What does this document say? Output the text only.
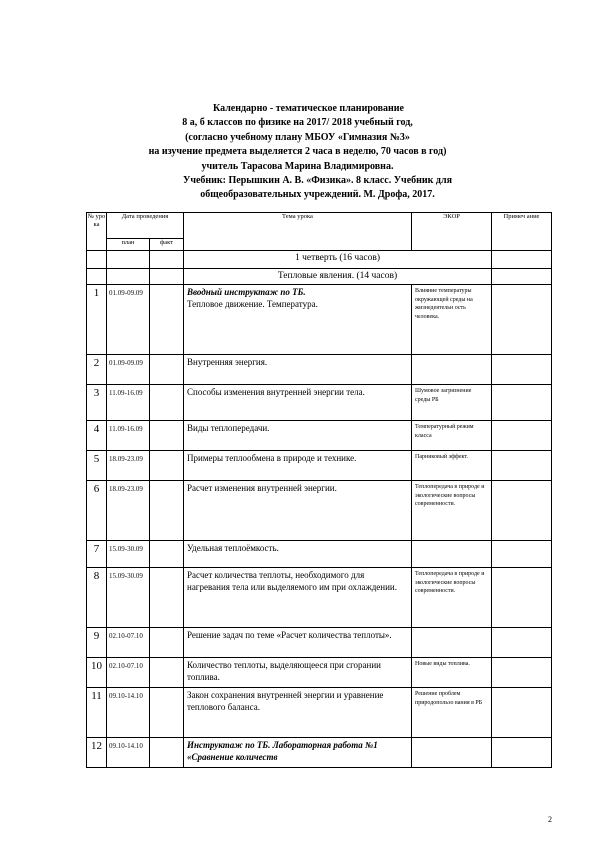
Календарно - тематическое планирование
8 а, б классов по физике на 2017/ 2018 учебный год,
(согласно учебному плану МБОУ «Гимназия №3»
на изучение предмета выделяется 2 часа в неделю, 70 часов в год)
учитель Тарасова Марина Владимировна.
Учебник: Перышкин А. В. «Физика». 8 класс. Учебник для
общеобразовательных учреждений. М. Дрофа, 2017.
№ уро ка	Дата проведения		Тема урока	ЭКОР	Примеч ание
	план	факт			
			1 четверть (16 часов)		
			Тепловые явления. (14 часов)		
1	01.09-09.09		Вводный инструктаж по ТБ.
Тепловое движение. Температура.	Влияние температуры окружающей среды на жизнедеятельн ость человека.	
2	01.09-09.09		Внутренняя энергия.		

3	11.09-16.09		Способы изменения внутренней энергии тела.	Шумовое загрязнение среды РБ	
4	11.09-16.09		Виды теплопередачи.	Температурный режим класса	
5	18.09-23.09		Примеры теплообмена в природе и технике.	Парниковый эффект.	
6	18.09-23.09		Расчет изменения внутренней энергии.	Теплопередача в природе и экологические вопросы современности.	
7	15.09-30.09		Удельная теплоёмкость.		

8	15.09-30.09		Расчет количества теплоты, необходимого для нагревания тела или выделяемого им при охлаждении.	Теплопередача в природе и экологические вопросы современности.	
9	02.10-07.10		Решение задач по теме «Расчет количества теплоты».		

10	02.10-07.10		Количество теплоты, выделяющееся при сгорании топлива.	Новые виды топлива.	
11	09.10-14.10		Закон сохранения внутренней энергии и уравнение теплового баланса.	Решение проблем природопользо вания в РБ	
12	09.10-14.10		Инструктаж по ТБ. Лабораторная работа №1 «Сравнение количеств		

2
